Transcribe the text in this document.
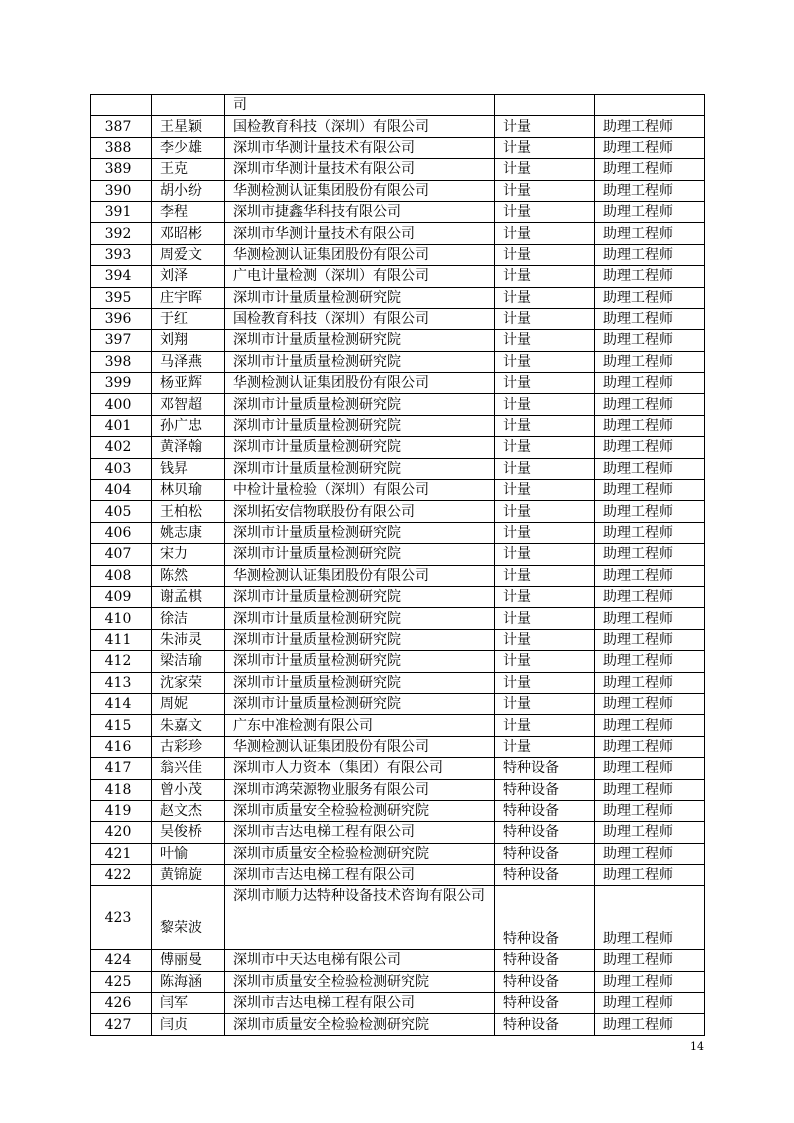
		司		
387	王星颖	国检教育科技（深圳）有限公司	计量	助理工程师
388	李少雄	深圳市华测计量技术有限公司	计量	助理工程师
389	王克	深圳市华测计量技术有限公司	计量	助理工程师
390	胡小纷	华测检测认证集团股份有限公司	计量	助理工程师
391	李程	深圳市捷鑫华科技有限公司	计量	助理工程师
392	邓昭彬	深圳市华测计量技术有限公司	计量	助理工程师
393	周爱文	华测检测认证集团股份有限公司	计量	助理工程师
394	刘泽	广电计量检测（深圳）有限公司	计量	助理工程师
395	庄宇晖	深圳市计量质量检测研究院	计量	助理工程师
396	于红	国检教育科技（深圳）有限公司	计量	助理工程师
397	刘翔	深圳市计量质量检测研究院	计量	助理工程师
398	马泽燕	深圳市计量质量检测研究院	计量	助理工程师
399	杨亚辉	华测检测认证集团股份有限公司	计量	助理工程师
400	邓智超	深圳市计量质量检测研究院	计量	助理工程师
401	孙广忠	深圳市计量质量检测研究院	计量	助理工程师
402	黄泽翰	深圳市计量质量检测研究院	计量	助理工程师
403	钱昇	深圳市计量质量检测研究院	计量	助理工程师
404	林贝瑜	中检计量检验（深圳）有限公司	计量	助理工程师
405	王柏松	深圳拓安信物联股份有限公司	计量	助理工程师
406	姚志康	深圳市计量质量检测研究院	计量	助理工程师
407	宋力	深圳市计量质量检测研究院	计量	助理工程师
408	陈然	华测检测认证集团股份有限公司	计量	助理工程师
409	谢孟棋	深圳市计量质量检测研究院	计量	助理工程师
410	徐洁	深圳市计量质量检测研究院	计量	助理工程师
411	朱沛灵	深圳市计量质量检测研究院	计量	助理工程师
412	梁洁瑜	深圳市计量质量检测研究院	计量	助理工程师
413	沈家荣	深圳市计量质量检测研究院	计量	助理工程师
414	周妮	深圳市计量质量检测研究院	计量	助理工程师
415	朱嘉文	广东中准检测有限公司	计量	助理工程师
416	古彩珍	华测检测认证集团股份有限公司	计量	助理工程师
417	翁兴佳	深圳市人力资本（集团）有限公司	特种设备	助理工程师
418	曾小茂	深圳市鸿荣源物业服务有限公司	特种设备	助理工程师
419	赵文杰	深圳市质量安全检验检测研究院	特种设备	助理工程师
420	吴俊桥	深圳市吉达电梯工程有限公司	特种设备	助理工程师
421	叶愉	深圳市质量安全检验检测研究院	特种设备	助理工程师
422	黄锦旋	深圳市吉达电梯工程有限公司	特种设备	助理工程师
423	黎荣波	深圳市顺力达特种设备技术咨询有限公司	特种设备	助理工程师
424	傅丽曼	深圳市中天达电梯有限公司	特种设备	助理工程师
425	陈海涵	深圳市质量安全检验检测研究院	特种设备	助理工程师
426	闫军	深圳市吉达电梯工程有限公司	特种设备	助理工程师
427	闫贞	深圳市质量安全检验检测研究院	特种设备	助理工程师
14
